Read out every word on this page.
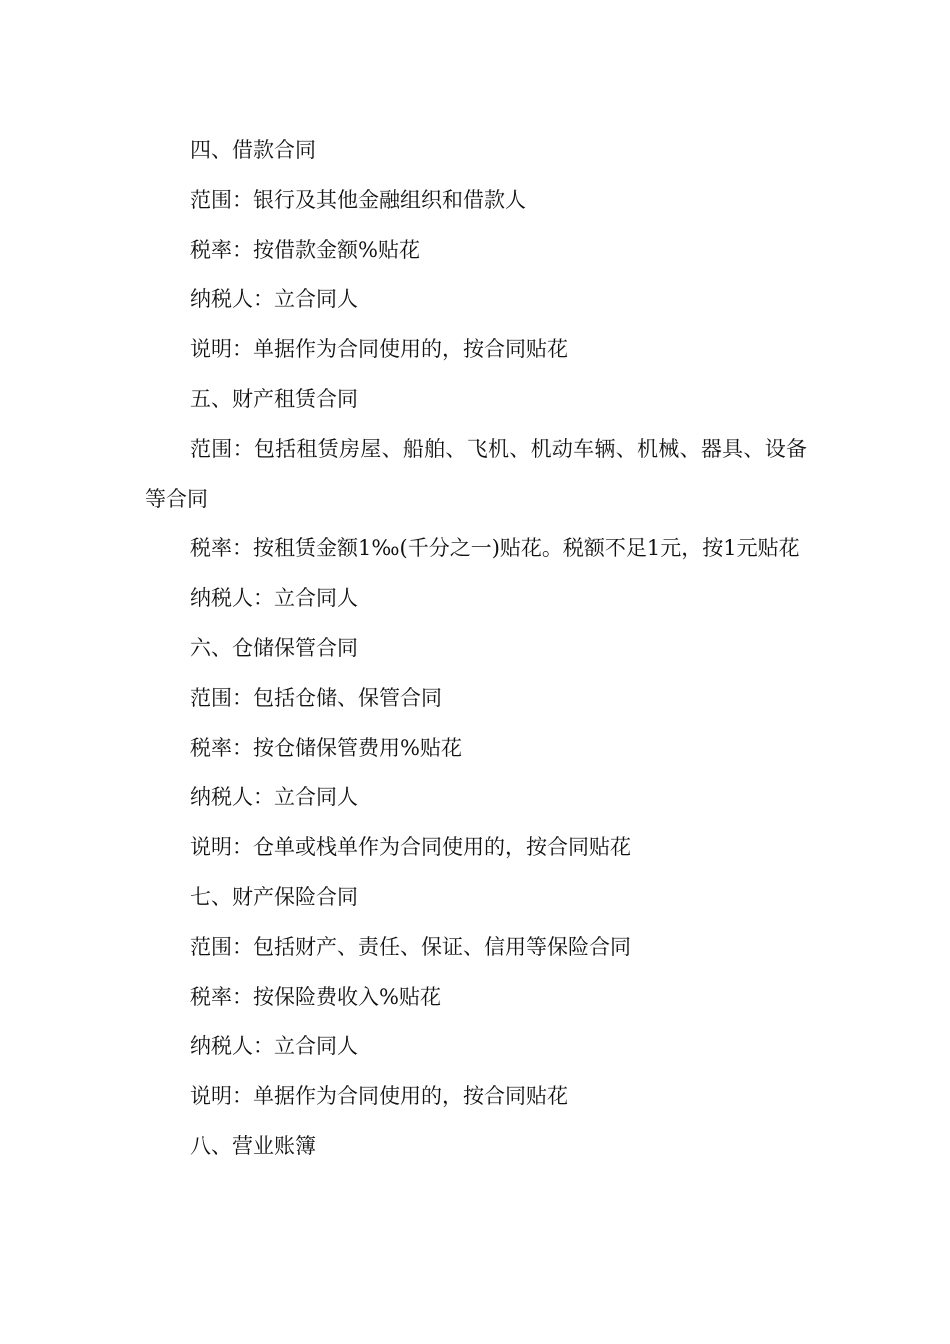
四、借款合同

范围：银行及其他金融组织和借款人

税率：按借款金额%贴花

纳税人：立合同人

说明：单据作为合同使用的，按合同贴花

五、财产租赁合同

范围：包括租赁房屋、船舶、飞机、机动车辆、机械、器具、设备等合同

税率：按租赁金额1‰(千分之一)贴花。税额不足1元，按1元贴花

纳税人：立合同人

六、仓储保管合同

范围：包括仓储、保管合同

税率：按仓储保管费用%贴花

纳税人：立合同人

说明：仓单或栈单作为合同使用的，按合同贴花

七、财产保险合同

范围：包括财产、责任、保证、信用等保险合同

税率：按保险费收入%贴花

纳税人：立合同人

说明：单据作为合同使用的，按合同贴花

八、营业账簿
